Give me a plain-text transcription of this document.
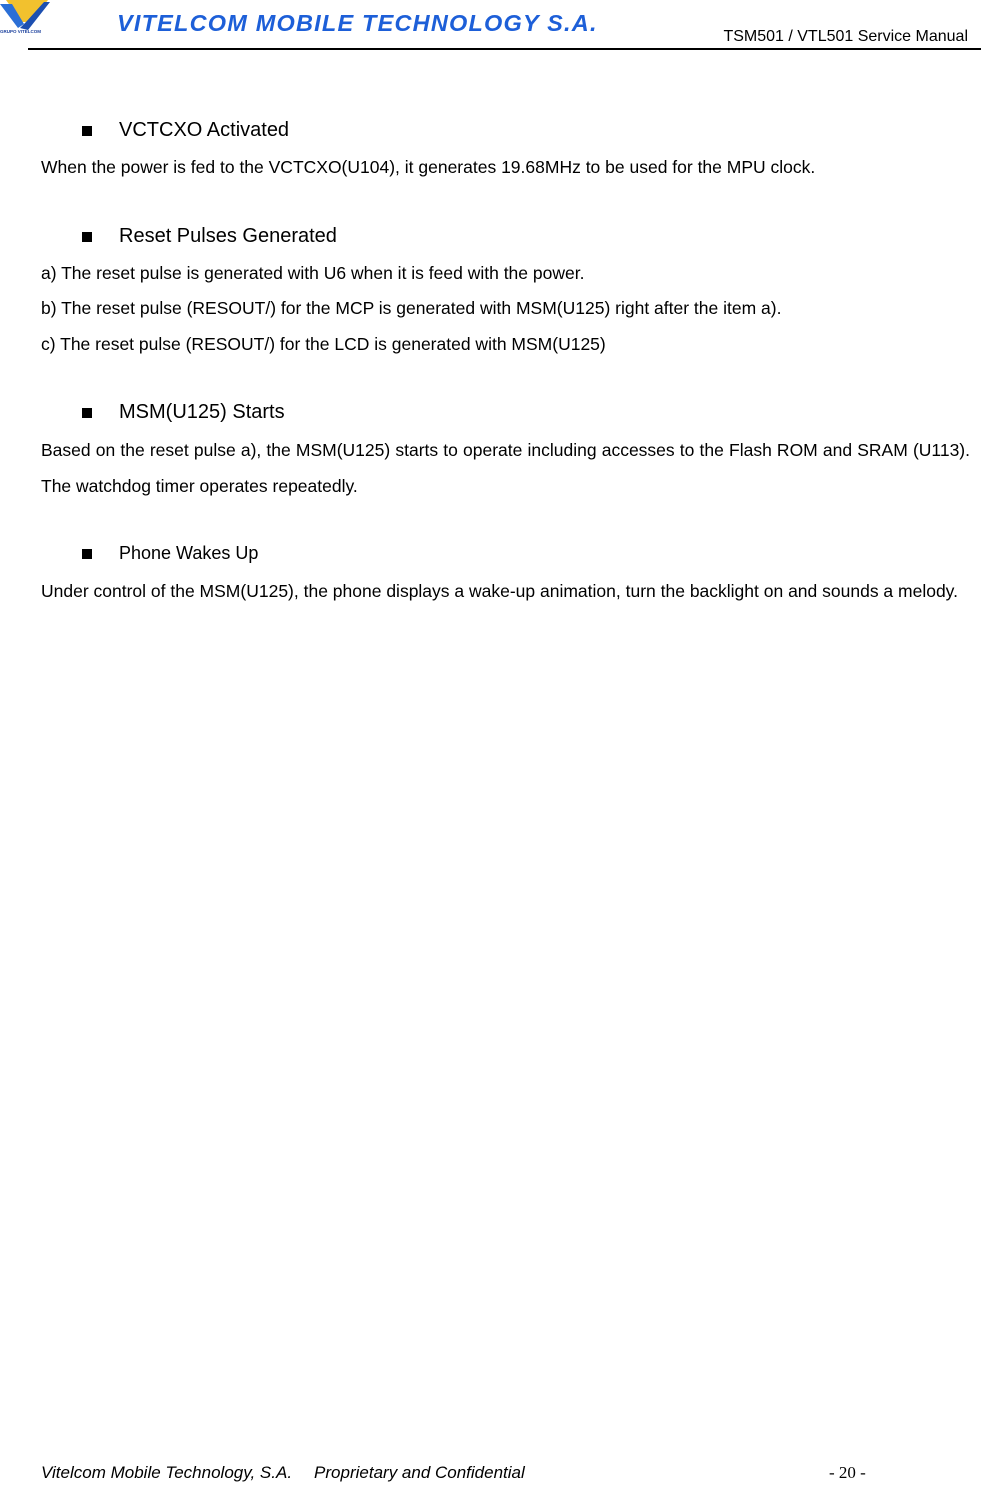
GRUPO VITELCOM	VITELCOM MOBILE TECHNOLOGY S.A.
TSM501 / VTL501 Service Manual
VCTCXO Activated
When the power is fed to the VCTCXO(U104), it generates 19.68MHz to be used for the MPU clock.
Reset Pulses Generated
a) The reset pulse is generated with U6 when it is feed with the power.
b) The reset pulse (RESOUT/) for the MCP is generated with MSM(U125) right after the item a).
c) The reset pulse (RESOUT/) for the LCD is generated with MSM(U125)
MSM(U125) Starts
Based on the reset pulse a), the MSM(U125) starts to operate including accesses to the Flash ROM and SRAM (U113). The watchdog timer operates repeatedly.
Phone Wakes Up
Under control of the MSM(U125), the phone displays a wake-up animation, turn the backlight on and sounds a melody.
Vitelcom Mobile Technology, S.A. Proprietary and Confidential	- 20 -
